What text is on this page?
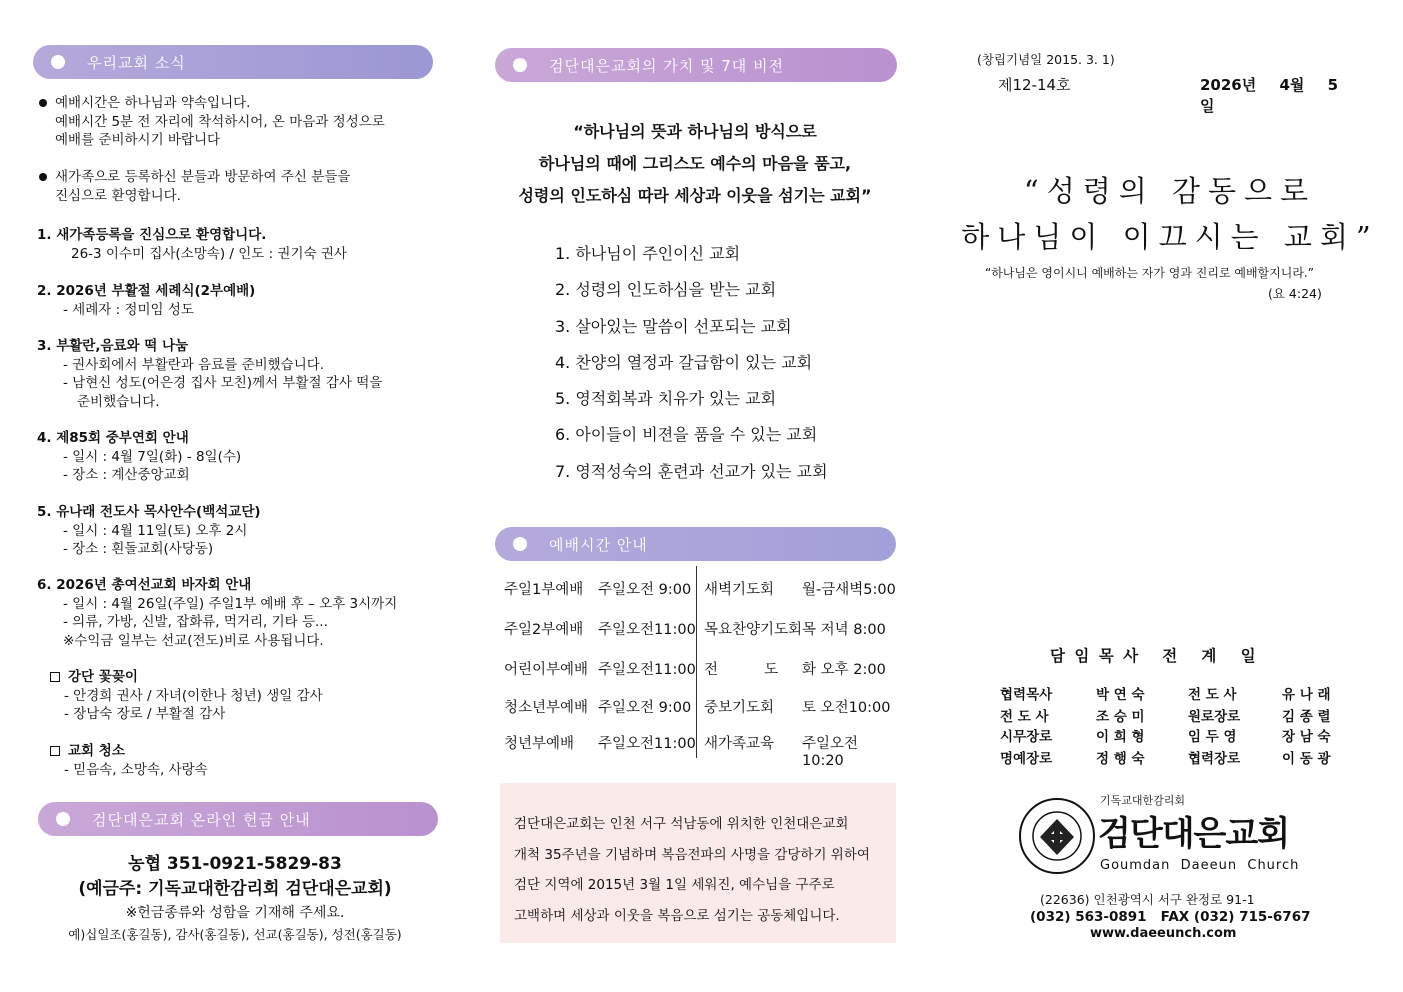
우리교회 소식
예배시간은 하나님과 약속입니다.
예배시간 5분 전 자리에 착석하시어, 온 마음과 정성으로
예배를 준비하시기 바랍니다
새가족으로 등록하신 분들과 방문하여 주신 분들을
진심으로 환영합니다.
1. 새가족등록을 진심으로 환영합니다.
26-3 이수미 집사(소망속) / 인도 : 권기숙 권사
2. 2026년 부활절 세례식(2부예배)
- 세례자 : 정미임 성도
3. 부활란,음료와 떡 나눔
- 권사회에서 부활란과 음료를 준비했습니다.
- 남현신 성도(어은경 집사 모친)께서 부활절 감사 떡을
준비했습니다.
4. 제85회 중부연회 안내
- 일시 : 4월 7일(화) - 8일(수)
- 장소 : 계산중앙교회
5. 유나래 전도사 목사안수(백석교단)
- 일시 : 4월 11일(토) 오후 2시
- 장소 : 흰돌교회(사당동)
6. 2026년 총여선교회 바자회 안내
- 일시 : 4월 26일(주일) 주일1부 예배 후 – 오후 3시까지
- 의류, 가방, 신발, 잡화류, 먹거리, 기타 등...
※수익금 일부는 선교(전도)비로 사용됩니다.
강단 꽃꽂이
- 안경희 권사 / 자녀(이한나 청년) 생일 감사
- 장남숙 장로 / 부활절 감사
교회 청소
- 믿음속, 소망속, 사랑속
검단대은교회 온라인 헌금 안내
농협 351-0921-5829-83
(예금주: 기독교대한감리회 검단대은교회)
※헌금종류와 성함을 기재해 주세요.
예)십일조(홍길동), 감사(홍길동), 선교(홍길동), 성전(홍길동)
검단대은교회의 가치 및 7대 비전
“하나님의 뜻과 하나님의 방식으로
하나님의 때에 그리스도 예수의 마음을 품고,
성령의 인도하심 따라 세상과 이웃을 섬기는 교회”
1. 하나님이 주인이신 교회
2. 성령의 인도하심을 받는 교회
3. 살아있는 말씀이 선포되는 교회
4. 찬양의 열정과 갈급함이 있는 교회
5. 영적회복과 치유가 있는 교회
6. 아이들이 비젼을 품을 수 있는 교회
7. 영적성숙의 훈련과 선교가 있는 교회
예배시간 안내
주일1부예배 주일오전 9:00 새벽기도회 월-금새벽5:00
주일2부예배 주일오전11:00 목요찬양기도회 목 저녁 8:00
어린이부예배 주일오전11:00 전          도 화 오후 2:00
청소년부예배 주일오전 9:00 중보기도회 토 오전10:00
청년부예배 주일오전11:00 새가족교육 주일오전10:20
검단대은교회는 인천 서구 석남동에 위치한 인천대은교회
개척 35주년을 기념하며 복음전파의 사명을 감당하기 위하여
검단 지역에 2015년 3월 1일 세워진, 예수님을 구주로
고백하며 세상과 이웃을 복음으로 섬기는 공동체입니다.
(창립기념일 2015. 3. 1)
제12-14호	2026년 4월 5일
“성령의 감동으로
하나님이 이끄시는 교회”
“하나님은 영이시니 예배하는 자가 영과 진리로 예배할지니라.”
(요 4:24)
담 임 목 사   전   계   일
협력목사	박 연 숙	전 도 사	유 나 래
전 도 사	조 승 미	원로장로	김 종 렬
시무장로	이 희 형	임 두 영	장 남 숙
명예장로	정 행 숙	협력장로	이 동 광
기독교대한감리회
검단대은교회
Goumdan  Daeeun  Church
(22636) 인천광역시 서구 완정로 91-1
(032) 563-0891   FAX (032) 715-6767
www.daeeunch.com
